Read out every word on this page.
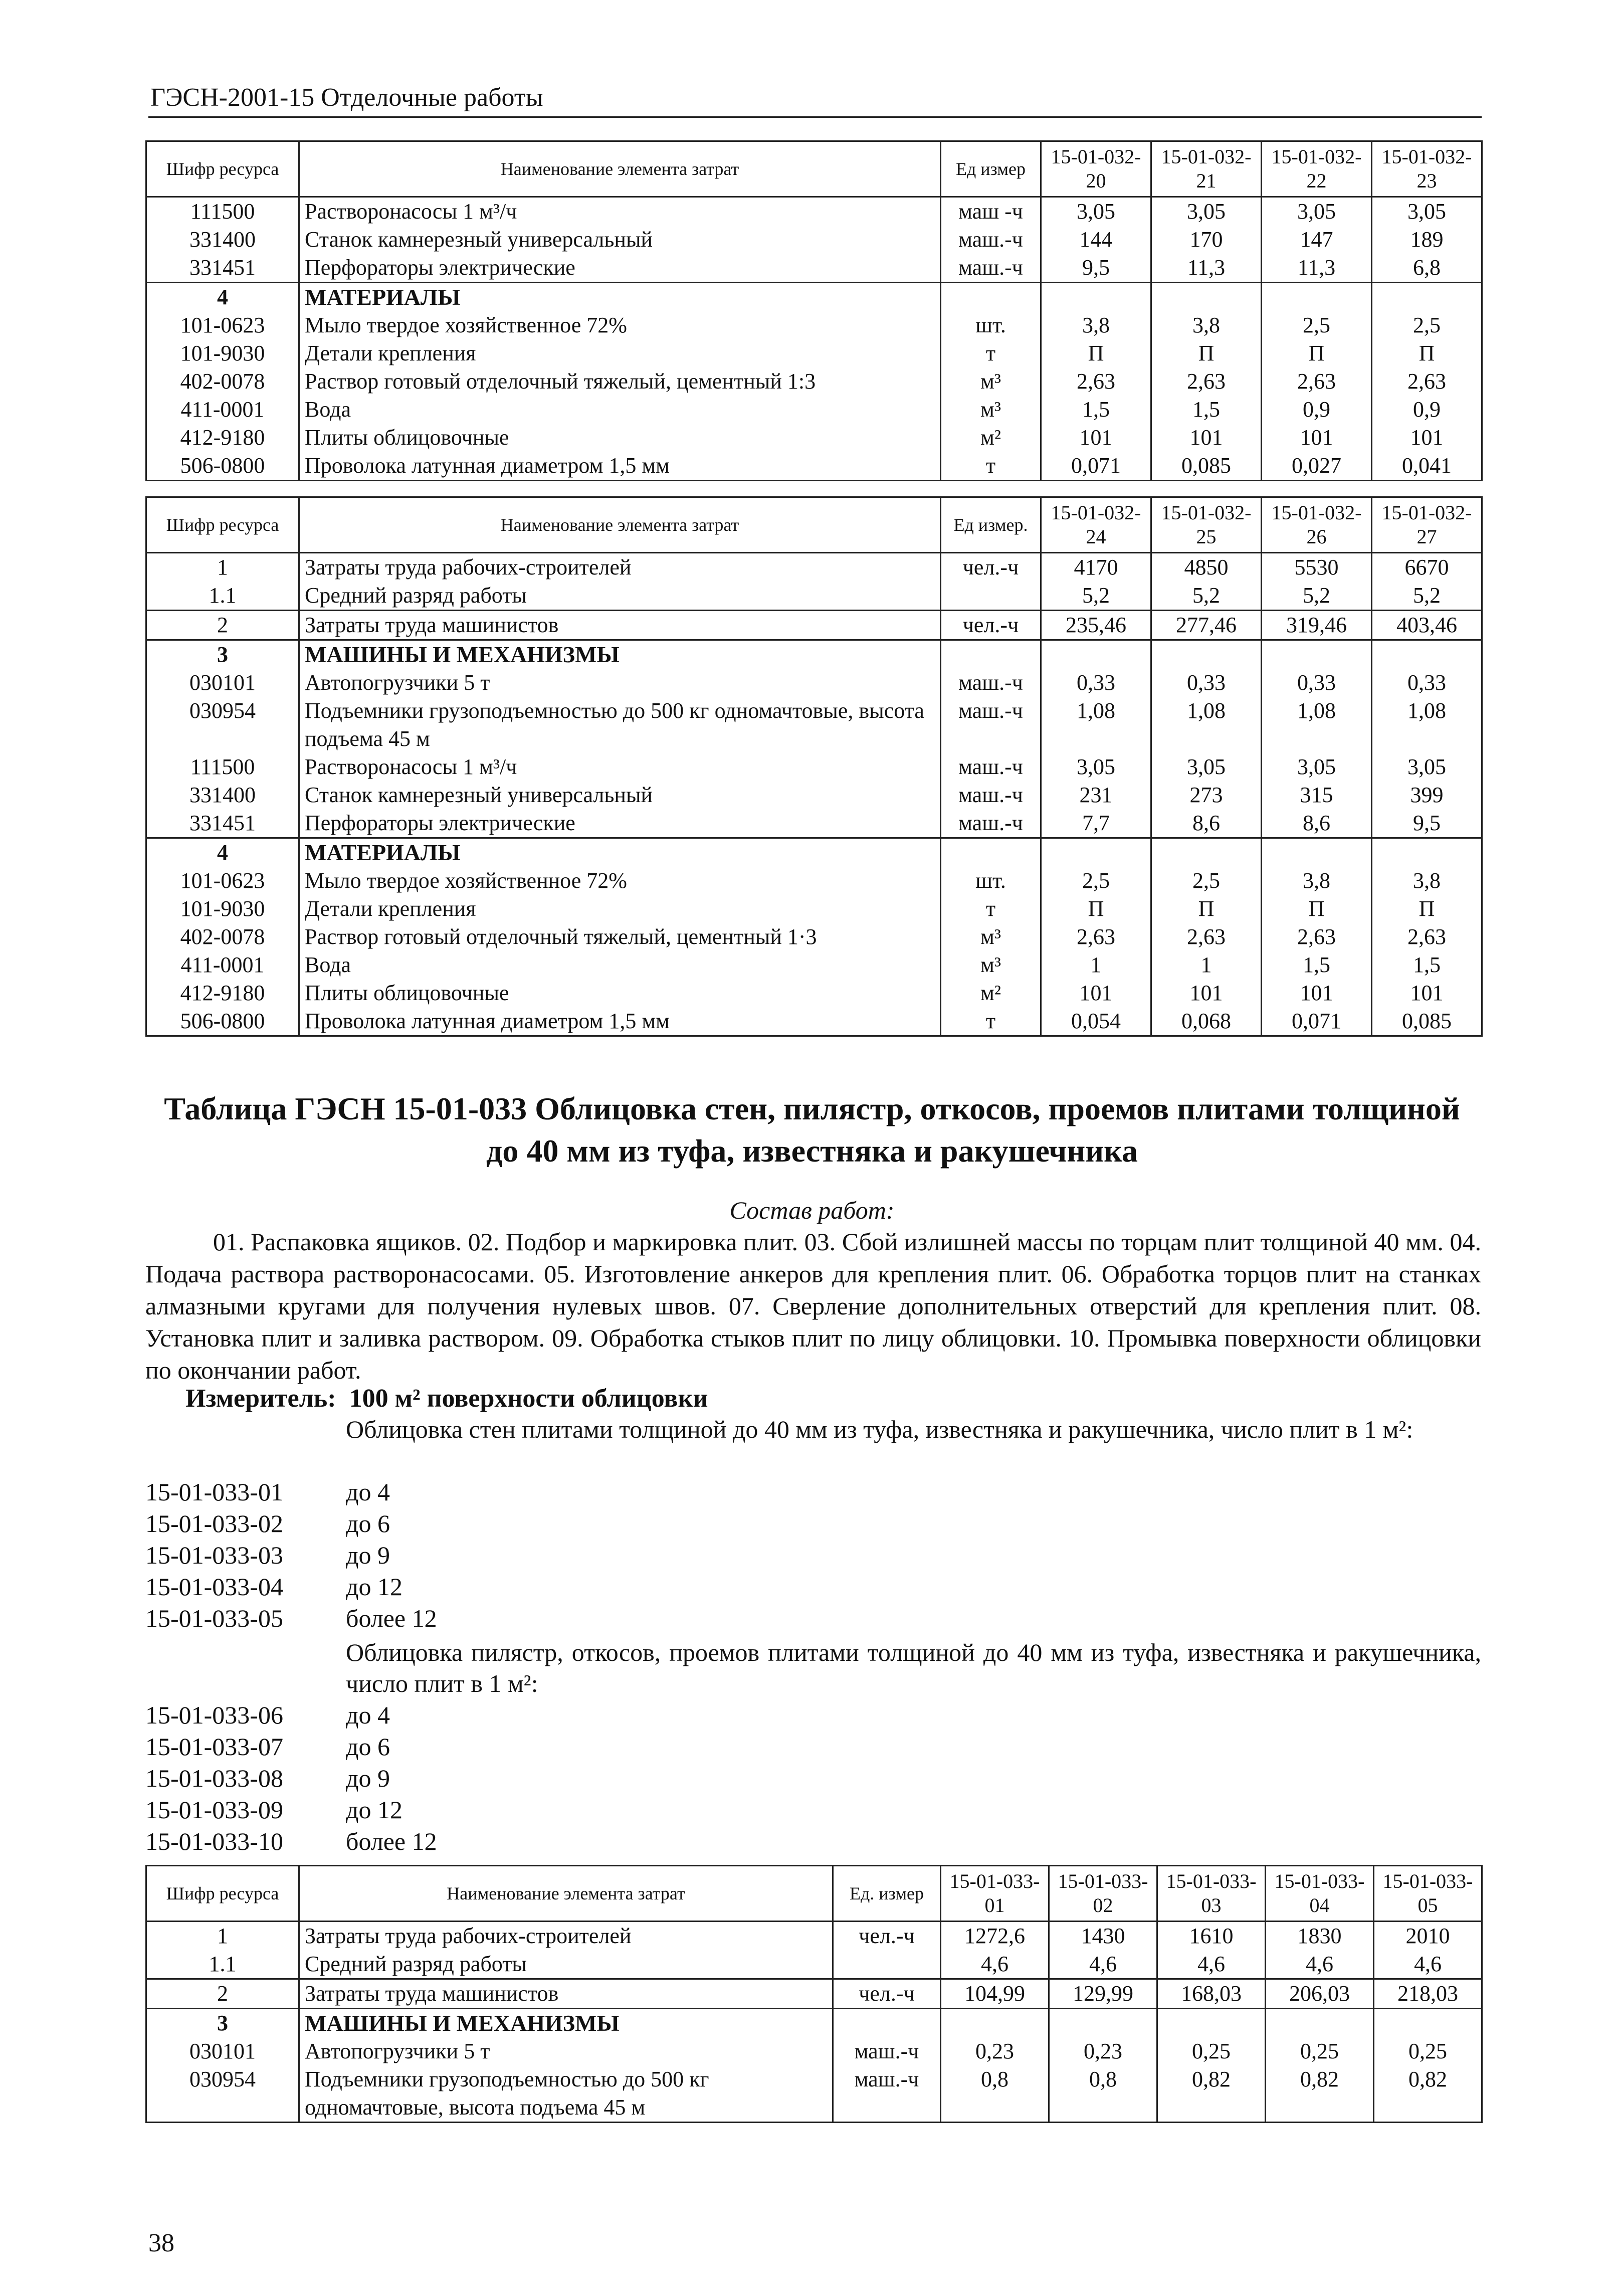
ГЭСН-2001-15 Отделочные работы
Шифр ресурса	Наименование элемента затрат	Ед измер	15-01-032-20	15-01-032-21	15-01-032-22	15-01-032-23
111500	Растворонасосы 1 м³/ч	маш -ч	3,05	3,05	3,05	3,05
331400	Станок камнерезный универсальный	маш.-ч	144	170	147	189
331451	Перфораторы электрические	маш.-ч	9,5	11,3	11,3	6,8
4	МАТЕРИАЛЫ					
101-0623	Мыло твердое хозяйственное 72%	шт.	3,8	3,8	2,5	2,5
101-9030	Детали крепления	т	П	П	П	П
402-0078	Раствор готовый отделочный тяжелый, цементный 1:3	м³	2,63	2,63	2,63	2,63
411-0001	Вода	м³	1,5	1,5	0,9	0,9
412-9180	Плиты облицовочные	м²	101	101	101	101
506-0800	Проволока латунная диаметром 1,5 мм	т	0,071	0,085	0,027	0,041
Шифр ресурса	Наименование элемента затрат	Ед измер.	15-01-032-24	15-01-032-25	15-01-032-26	15-01-032-27
1	Затраты труда рабочих-строителей	чел.-ч	4170	4850	5530	6670
1.1	Средний разряд работы		5,2	5,2	5,2	5,2
2	Затраты труда машинистов	чел.-ч	235,46	277,46	319,46	403,46
3	МАШИНЫ И МЕХАНИЗМЫ					
030101	Автопогрузчики 5 т	маш.-ч	0,33	0,33	0,33	0,33
030954	Подъемники грузоподъемностью до 500 кг одномачтовые, высота подъема 45 м	маш.-ч	1,08	1,08	1,08	1,08
111500	Растворонасосы 1 м³/ч	маш.-ч	3,05	3,05	3,05	3,05
331400	Станок камнерезный универсальный	маш.-ч	231	273	315	399
331451	Перфораторы электрические	маш.-ч	7,7	8,6	8,6	9,5
4	МАТЕРИАЛЫ					
101-0623	Мыло твердое хозяйственное 72%	шт.	2,5	2,5	3,8	3,8
101-9030	Детали крепления	т	П	П	П	П
402-0078	Раствор готовый отделочный тяжелый, цементный 1·3	м³	2,63	2,63	2,63	2,63
411-0001	Вода	м³	1	1	1,5	1,5
412-9180	Плиты облицовочные	м²	101	101	101	101
506-0800	Проволока латунная диаметром 1,5 мм	т	0,054	0,068	0,071	0,085
Таблица ГЭСН 15-01-033 Облицовка стен, пилястр, откосов, проемов плитами толщиной до 40 мм из туфа, известняка и ракушечника
Состав работ:
01. Распаковка ящиков. 02. Подбор и маркировка плит. 03. Сбой излишней массы по торцам плит толщиной 40 мм. 04. Подача раствора растворонасосами. 05. Изготовление анкеров для крепления плит. 06. Обработка торцов плит на станках алмазными кругами для получения нулевых швов. 07. Сверление дополнительных отверстий для крепления плит. 08. Установка плит и заливка раствором. 09. Обработка стыков плит по лицу облицовки. 10. Промывка поверхности облицовки по окончании работ.
Измеритель: 100 м² поверхности облицовки
Облицовка стен плитами толщиной до 40 мм из туфа, известняка и ракушечника, число плит в 1 м²:
15-01-033-01	до 4
15-01-033-02	до 6
15-01-033-03	до 9
15-01-033-04	до 12
15-01-033-05	более 12
Облицовка пилястр, откосов, проемов плитами толщиной до 40 мм из туфа, известняка и ракушечника, число плит в 1 м²:
15-01-033-06	до 4
15-01-033-07	до 6
15-01-033-08	до 9
15-01-033-09	до 12
15-01-033-10	более 12
Шифр ресурса	Наименование элемента затрат	Ед. измер	15-01-033-01	15-01-033-02	15-01-033-03	15-01-033-04	15-01-033-05
1	Затраты труда рабочих-строителей	чел.-ч	1272,6	1430	1610	1830	2010
1.1	Средний разряд работы		4,6	4,6	4,6	4,6	4,6
2	Затраты труда машинистов	чел.-ч	104,99	129,99	168,03	206,03	218,03
3	МАШИНЫ И МЕХАНИЗМЫ						
030101	Автопогрузчики 5 т	маш.-ч	0,23	0,23	0,25	0,25	0,25
030954	Подъемники грузоподъемностью до 500 кг одномачтовые, высота подъема 45 м	маш.-ч	0,8	0,8	0,82	0,82	0,82
38
